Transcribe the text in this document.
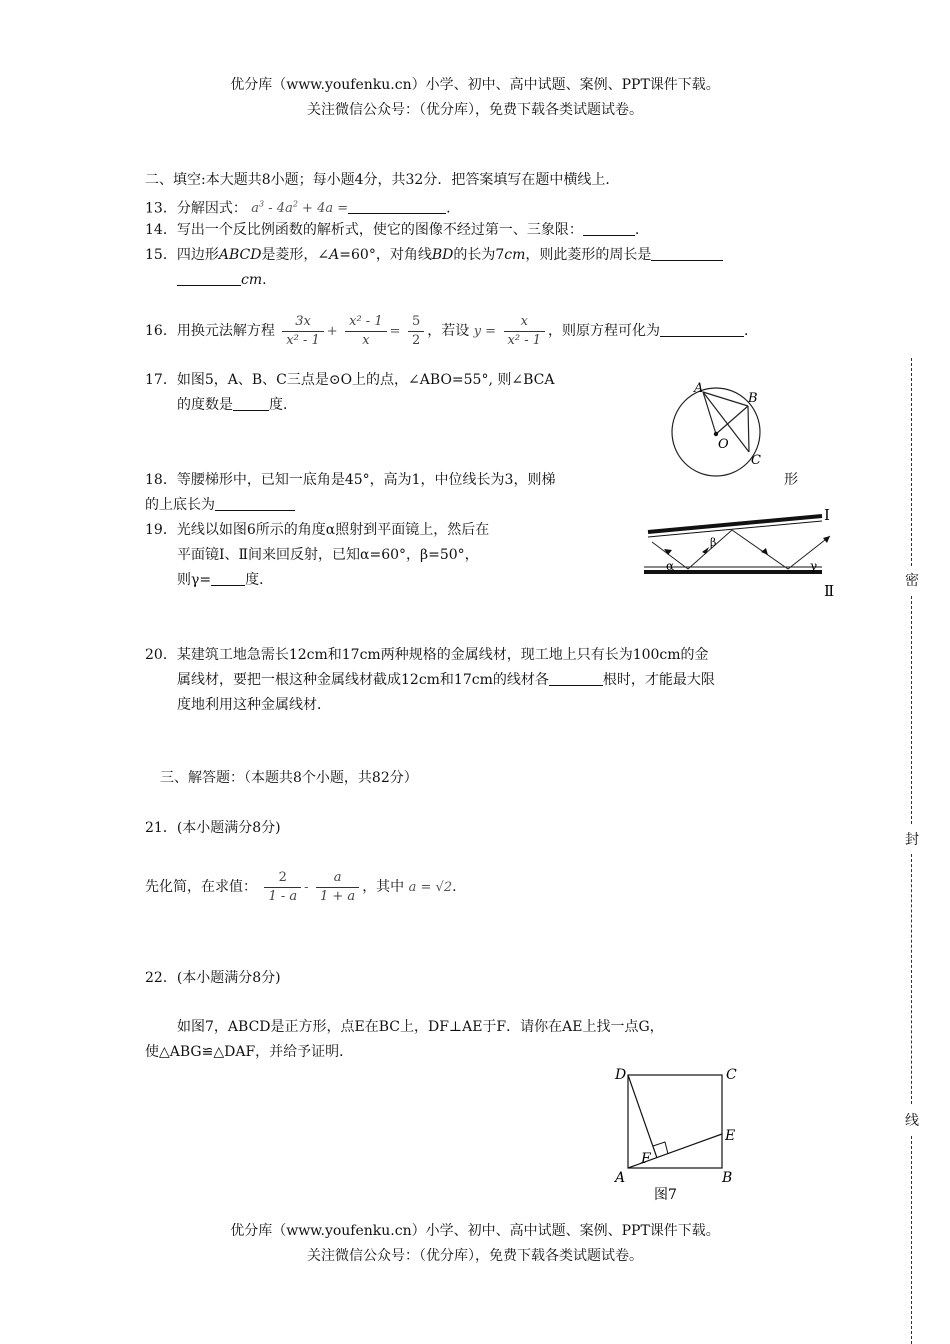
优分库（www.youfenku.cn）小学、初中、高中试题、案例、PPT课件下载。
关注微信公众号：（优分库），免费下载各类试题试卷。
二、填空:本大题共8小题；每小题4分，共32分．把答案填写在题中横线上．
13．分解因式： $a^3 - 4a^2 + 4a$ =	.
14．写出一个反比例函数的解析式，使它的图像不经过第一、三象限：	.
15．四边形ABCD是菱形，∠A=60°，对角线BD的长为7cm，则此菱形的周长是
cm.
16．用换元法解方程 $\frac{3x}{\text{x² - 1}} + \frac{\text{x² - 1}}{x} = \frac{5}{2}$ ，若设 $y = \frac{x}{\text{x² - 1}}$ ，则原方程可化为	.
17．如图5，A、B、C三点是⊙O上的点，∠ABO=55°, 则∠BCA
的度数是	度．
A
B
C
O
18．等腰梯形中，已知一底角是45°，高为1，中位线长为3，则梯	形
的上底长为
19．光线以如图6所示的角度α照射到平面镜上，然后在
平面镜Ⅰ、Ⅱ间来回反射，已知α=60°，β=50°，
则γ= 度．
Ⅰ
Ⅱ
α
β
γ
20．某建筑工地急需长12cm和17cm两种规格的金属线材，现工地上只有长为100cm的金
属线材，要把一根这种金属线材截成12cm和17cm的线材各	根时，才能最大限
度地利用这种金属线材．
三、解答题：（本题共8个小题，共82分）
21．(本小题满分8分)
先化简，在求值： $\frac{2}{1 - a} - \frac{a}{1 + a}$ ，其中 a = √2.
22．(本小题满分8分)
如图7，ABCD是正方形，点E在BC上，DF⊥AE于F．请你在AE上找一点G，
使△ABG≌△DAF，并给予证明．
D	C
E
F
A	B
图7
优分库（www.youfenku.cn）小学、初中、高中试题、案例、PPT课件下载。
关注微信公众号：（优分库），免费下载各类试题试卷。
密
封
线
